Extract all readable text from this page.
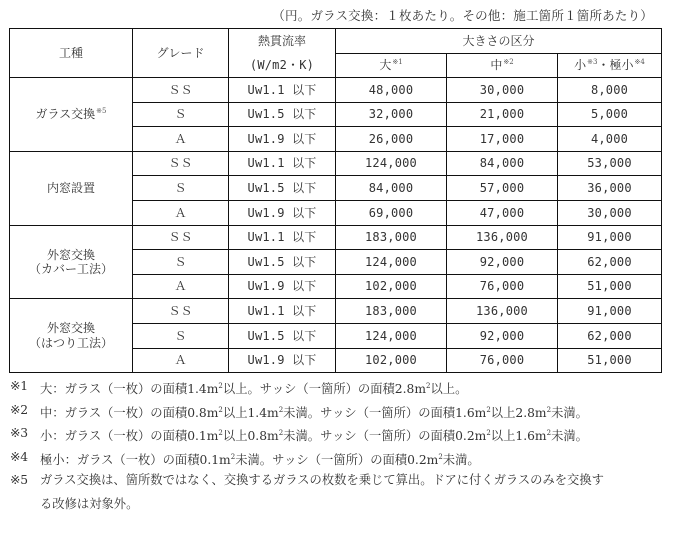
（円。ガラス交換：１枚あたり。その他：施工箇所１箇所あたり）
工種	グレード	熱貫流率	大きさの区分		
		(W/m2・K)	大$^{※1}$	中$^{※2}$	小$^{※3}$・極小$^{※4}$
ガラス交換$^{※5}$	ＳＳ	Uw1.1 以下	48,000	30,000	8,000
	Ｓ	Uw1.5 以下	32,000	21,000	5,000
	Ａ	Uw1.9 以下	26,000	17,000	4,000
内窓設置	ＳＳ	Uw1.1 以下	124,000	84,000	53,000
	Ｓ	Uw1.5 以下	84,000	57,000	36,000
	Ａ	Uw1.9 以下	69,000	47,000	30,000
外窓交換
（カバー工法）	ＳＳ	Uw1.1 以下	183,000	136,000	91,000
	Ｓ	Uw1.5 以下	124,000	92,000	62,000
	Ａ	Uw1.9 以下	102,000	76,000	51,000
外窓交換
（はつり工法）	ＳＳ	Uw1.1 以下	183,000	136,000	91,000
	Ｓ	Uw1.5 以下	124,000	92,000	62,000
	Ａ	Uw1.9 以下	102,000	76,000	51,000
※1 大：ガラス（一枚）の面積$1.4m^2$以上。サッシ（一箇所）の面積$2.8m^2$以上。
※2 中：ガラス（一枚）の面積$0.8m^2$以上$1.4m^2$未満。サッシ（一箇所）の面積$1.6m^2$以上$2.8m^2$未満。
※3 小：ガラス（一枚）の面積$0.1m^2$以上$0.8m^2$未満。サッシ（一箇所）の面積$0.2m^2$以上$1.6m^2$未満。
※4 極小：ガラス（一枚）の面積$0.1m^2$未満。サッシ（一箇所）の面積$0.2m^2$未満。
※5 ガラス交換は、箇所数ではなく、交換するガラスの枚数を乗じて算出。ドアに付くガラスのみを交換す
る改修は対象外。
